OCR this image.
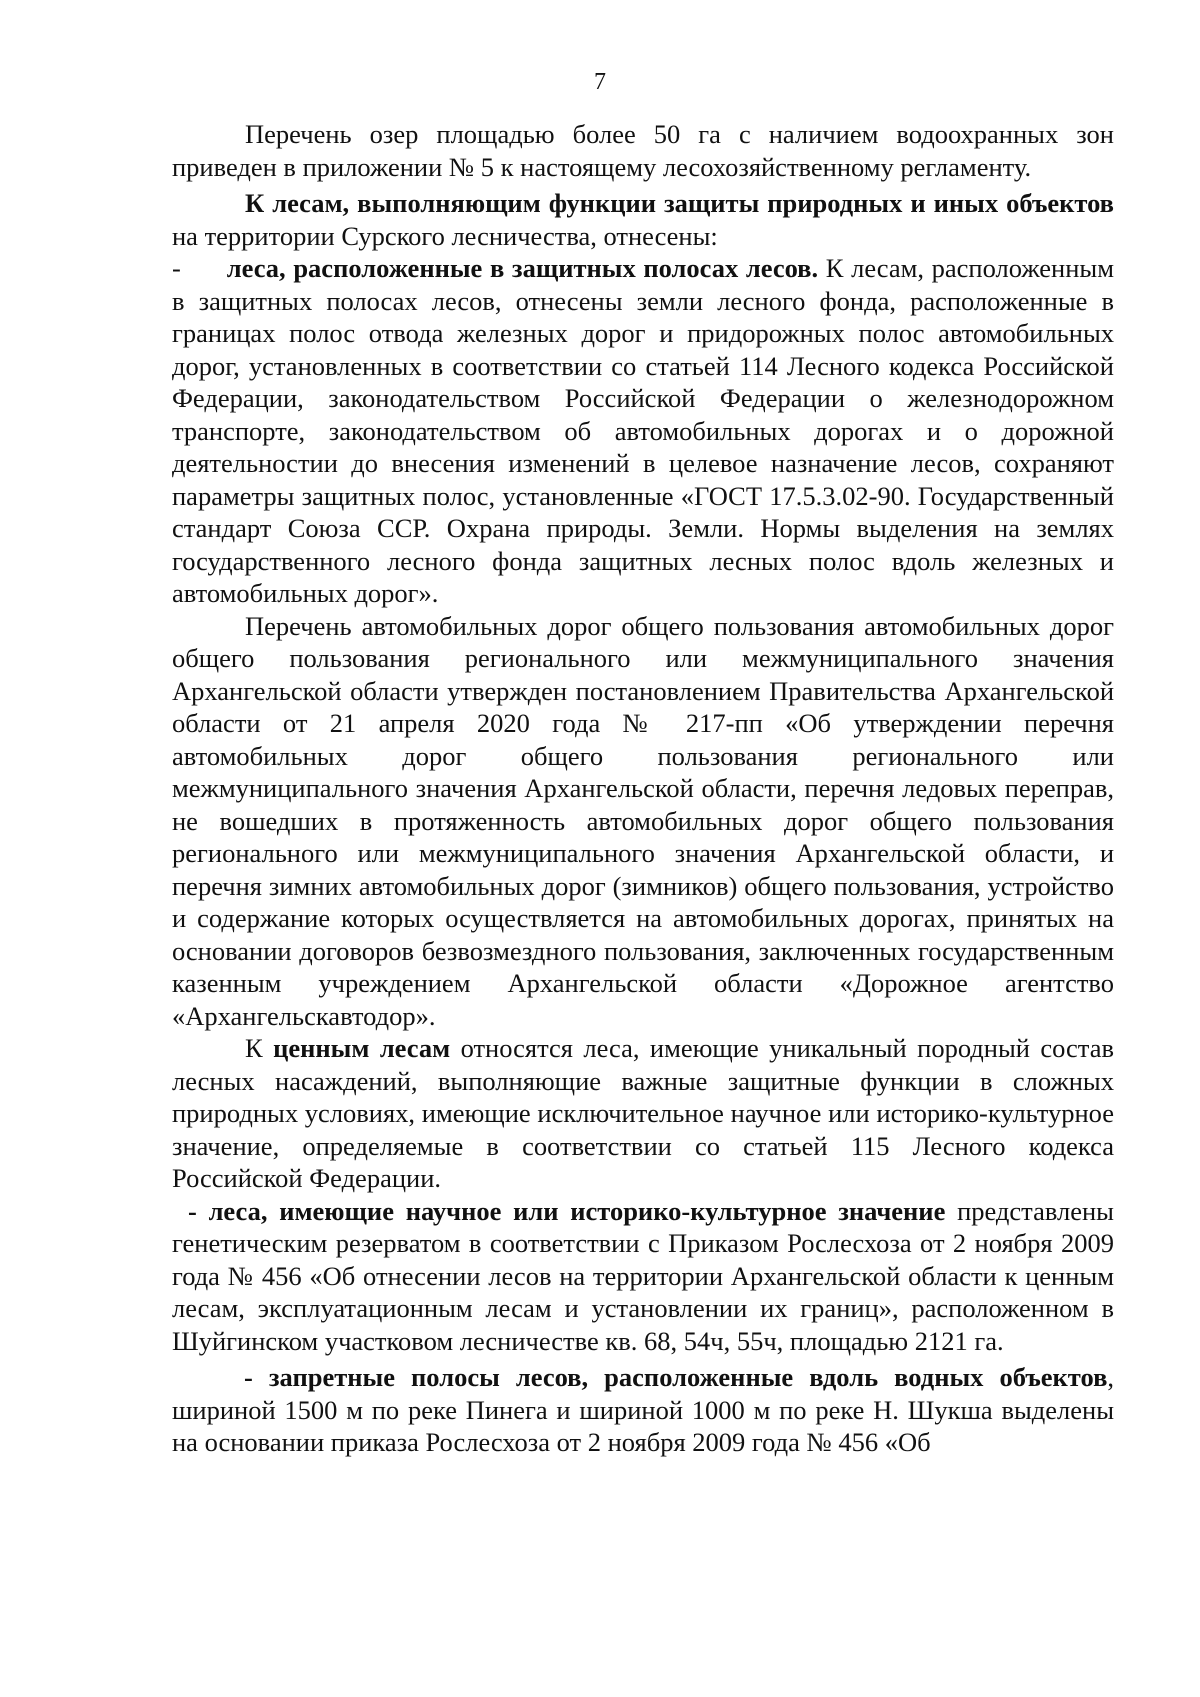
7

Перечень озер площадью более 50 га с наличием водоохранных зон приведен в приложении № 5 к настоящему лесохозяйственному регламенту.

К лесам, выполняющим функции защиты природных и иных объектов на территории Сурского лесничества, отнесены:

-      леса, расположенные в защитных полосах лесов. К лесам, расположенным в защитных полосах лесов, отнесены земли лесного фонда, расположенные в границах полос отвода железных дорог и придорожных полос автомобильных дорог, установленных в соответствии со статьей 114 Лесного кодекса Российской Федерации, законодательством Российской Федерации о железнодорожном транспорте, законодательством об автомобильных дорогах и о дорожной деятельностии до внесения изменений в целевое назначение лесов, сохраняют параметры защитных полос, установленные «ГОСТ 17.5.3.02-90. Государственный стандарт Союза ССР. Охрана природы. Земли. Нормы выделения на землях государственного лесного фонда защитных лесных полос вдоль железных и автомобильных дорог».

Перечень автомобильных дорог общего пользования автомобильных дорог общего пользования регионального или межмуниципального значения Архангельской области утвержден постановлением Правительства Архангельской области от 21 апреля 2020 года № 217-пп «Об утверждении перечня автомобильных дорог общего пользования регионального или межмуниципального значения Архангельской области, перечня ледовых переправ, не вошедших в протяженность автомобильных дорог общего пользования регионального или межмуниципального значения Архангельской области, и перечня зимних автомобильных дорог (зимников) общего пользования, устройство и содержание которых осуществляется на автомобильных дорогах, принятых на основании договоров безвозмездного пользования, заключенных государственным казенным учреждением Архангельской области «Дорожное агентство «Архангельскавтодор».

К ценным лесам относятся леса, имеющие уникальный породный состав лесных насаждений, выполняющие важные защитные функции в сложных природных условиях, имеющие исключительное научное или историко-культурное значение, определяемые в соответствии со статьей 115 Лесного кодекса Российской Федерации.

- леса, имеющие научное или историко-культурное значение представлены генетическим резерватом в соответствии с Приказом Рослесхоза от 2 ноября 2009 года № 456 «Об отнесении лесов на территории Архангельской области к ценным лесам, эксплуатационным лесам и установлении их границ», расположенном в Шуйгинском участковом лесничестве кв. 68, 54ч, 55ч, площадью 2121 га.

- запретные полосы лесов, расположенные вдоль водных объектов, шириной 1500 м по реке Пинега и шириной 1000 м по реке Н. Шукша выделены на основании приказа Рослесхоза от 2 ноября 2009 года № 456 «Об
